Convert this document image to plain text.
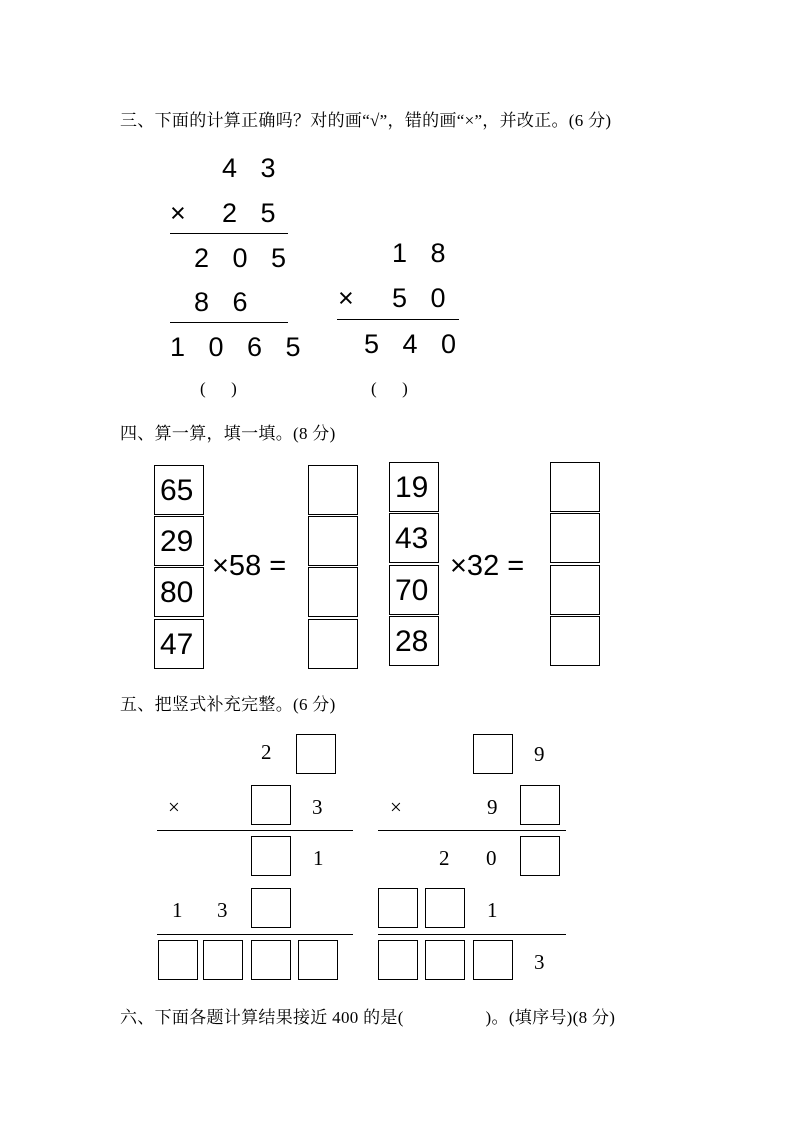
三、下面的计算正确吗？对的画“√”，错的画“×”，并改正。(6 分)
4 3
× 2 5
2 0 5
8 6
1 0 6 5
(      )
1 8
× 5 0
5 4 0
(      )
四、算一算，填一填。(8 分)
65
29
80
47
×58 =
19
43
70
28
×32 =
五、把竖式补充完整。(6 分)
2
×	3
1
1 3
9
×	9
2 0
1
3
六、下面各题计算结果接近 400 的是(                  )。(填序号)(8 分)
